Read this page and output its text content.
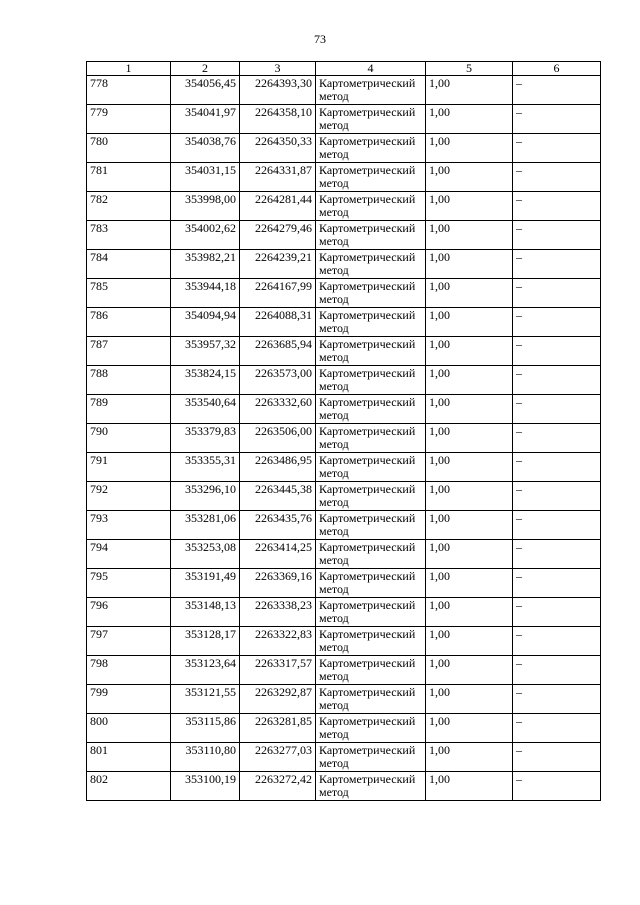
73
1	2	3	4	5	6
778	354056,45	2264393,30	Картометрический метод	1,00	–
779	354041,97	2264358,10	Картометрический метод	1,00	–
780	354038,76	2264350,33	Картометрический метод	1,00	–
781	354031,15	2264331,87	Картометрический метод	1,00	–
782	353998,00	2264281,44	Картометрический метод	1,00	–
783	354002,62	2264279,46	Картометрический метод	1,00	–
784	353982,21	2264239,21	Картометрический метод	1,00	–
785	353944,18	2264167,99	Картометрический метод	1,00	–
786	354094,94	2264088,31	Картометрический метод	1,00	–
787	353957,32	2263685,94	Картометрический метод	1,00	–
788	353824,15	2263573,00	Картометрический метод	1,00	–
789	353540,64	2263332,60	Картометрический метод	1,00	–
790	353379,83	2263506,00	Картометрический метод	1,00	–
791	353355,31	2263486,95	Картометрический метод	1,00	–
792	353296,10	2263445,38	Картометрический метод	1,00	–
793	353281,06	2263435,76	Картометрический метод	1,00	–
794	353253,08	2263414,25	Картометрический метод	1,00	–
795	353191,49	2263369,16	Картометрический метод	1,00	–
796	353148,13	2263338,23	Картометрический метод	1,00	–
797	353128,17	2263322,83	Картометрический метод	1,00	–
798	353123,64	2263317,57	Картометрический метод	1,00	–
799	353121,55	2263292,87	Картометрический метод	1,00	–
800	353115,86	2263281,85	Картометрический метод	1,00	–
801	353110,80	2263277,03	Картометрический метод	1,00	–
802	353100,19	2263272,42	Картометрический метод	1,00	–
